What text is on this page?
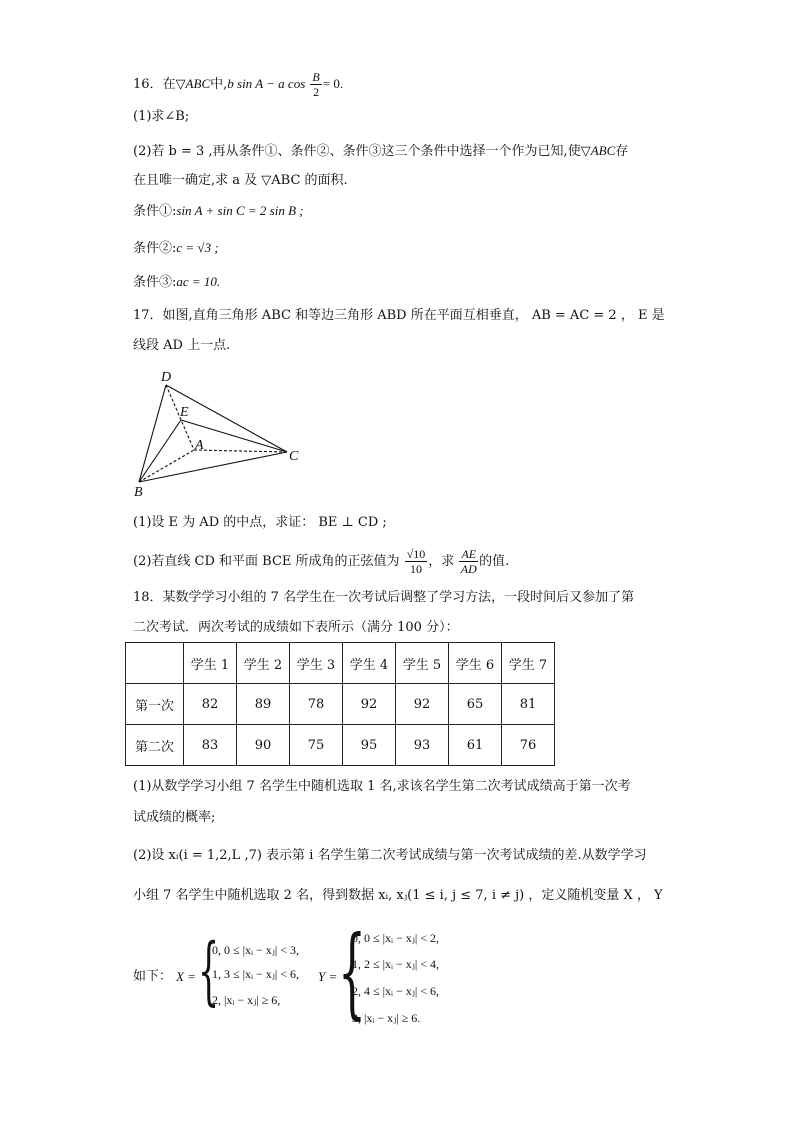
16．在▽ABC中,b sin A − a $\cos \frac{B}{2} = 0$.
(1)求∠B;
(2)若 b = 3 ,再从条件①、条件②、条件③这三个条件中选择一个作为已知,使▽ABC存
在且唯一确定,求 a 及 ▽ABC 的面积.
条件①:sin A + sin C = 2 sin B ;
条件②:c = √3 ;
条件③:ac = 10.
17．如图,直角三角形 ABC 和等边三角形 ABD 所在平面互相垂直， AB = AC = 2 ， E 是
线段 AD 上一点.
D
E
A
C
B
(1)设 E 为 AD 的中点，求证： BE ⊥ CD ;
(2)若直线 CD 和平面 BCE 所成角的正弦值为 $\frac{√10}{10}$ ，求 $\frac{AE}{AD}$ 的值.
18．某数学学习小组的 7 名学生在一次考试后调整了学习方法，一段时间后又参加了第
二次考试．两次考试的成绩如下表所示（满分 100 分）：
	学生 1	学生 2	学生 3	学生 4	学生 5	学生 6	学生 7
第一次	82	89	78	92	92	65	81
第二次	83	90	75	95	93	61	76
(1)从数学学习小组 7 名学生中随机选取 1 名,求该名学生第二次考试成绩高于第一次考
试成绩的概率;
(2)设 xᵢ(i = 1,2,L ,7) 表示第 i 名学生第二次考试成绩与第一次考试成绩的差.从数学学习
小组 7 名学生中随机选取 2 名，得到数据 xᵢ, xⱼ(1 ≤ i, j ≤ 7, i ≠ j) ，定义随机变量 X ， Y
如下： X = {
0, 0 ≤ |xᵢ − xⱼ| < 3,
1, 3 ≤ |xᵢ − xⱼ| < 6,
2, |xᵢ − xⱼ| ≥ 6,
Y = {
0, 0 ≤ |xᵢ − xⱼ| < 2,
1, 2 ≤ |xᵢ − xⱼ| < 4,
2, 4 ≤ |xᵢ − xⱼ| < 6,
3, |xᵢ − xⱼ| ≥ 6.
